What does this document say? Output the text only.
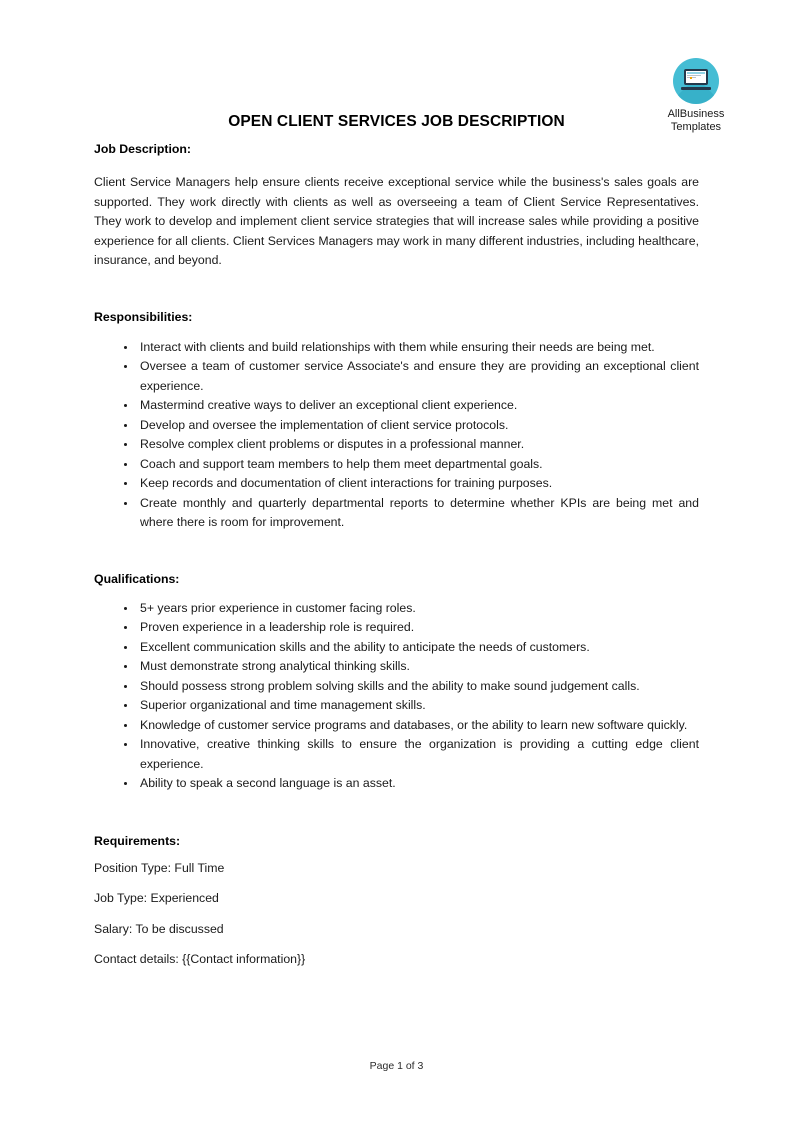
AllBusiness
Templates
OPEN CLIENT SERVICES JOB DESCRIPTION
Job Description:

Client Service Managers help ensure clients receive exceptional service while the business's sales goals are supported. They work directly with clients as well as overseeing a team of Client Service Representatives. They work to develop and implement client service strategies that will increase sales while providing a positive experience for all clients. Client Services Managers may work in many different industries, including healthcare, insurance, and beyond.

Responsibilities:
Interact with clients and build relationships with them while ensuring their needs are being met.
Oversee a team of customer service Associate's and ensure they are providing an exceptional client experience.
Mastermind creative ways to deliver an exceptional client experience.
Develop and oversee the implementation of client service protocols.
Resolve complex client problems or disputes in a professional manner.
Coach and support team members to help them meet departmental goals.
Keep records and documentation of client interactions for training purposes.
Create monthly and quarterly departmental reports to determine whether KPIs are being met and where there is room for improvement.
Qualifications:
5+ years prior experience in customer facing roles.
Proven experience in a leadership role is required.
Excellent communication skills and the ability to anticipate the needs of customers.
Must demonstrate strong analytical thinking skills.
Should possess strong problem solving skills and the ability to make sound judgement calls.
Superior organizational and time management skills.
Knowledge of customer service programs and databases, or the ability to learn new software quickly.
Innovative, creative thinking skills to ensure the organization is providing a cutting edge client experience.
Ability to speak a second language is an asset.
Requirements:

Position Type: Full Time

Job Type: Experienced

Salary: To be discussed

Contact details: {{Contact information}}

Page 1 of 3
